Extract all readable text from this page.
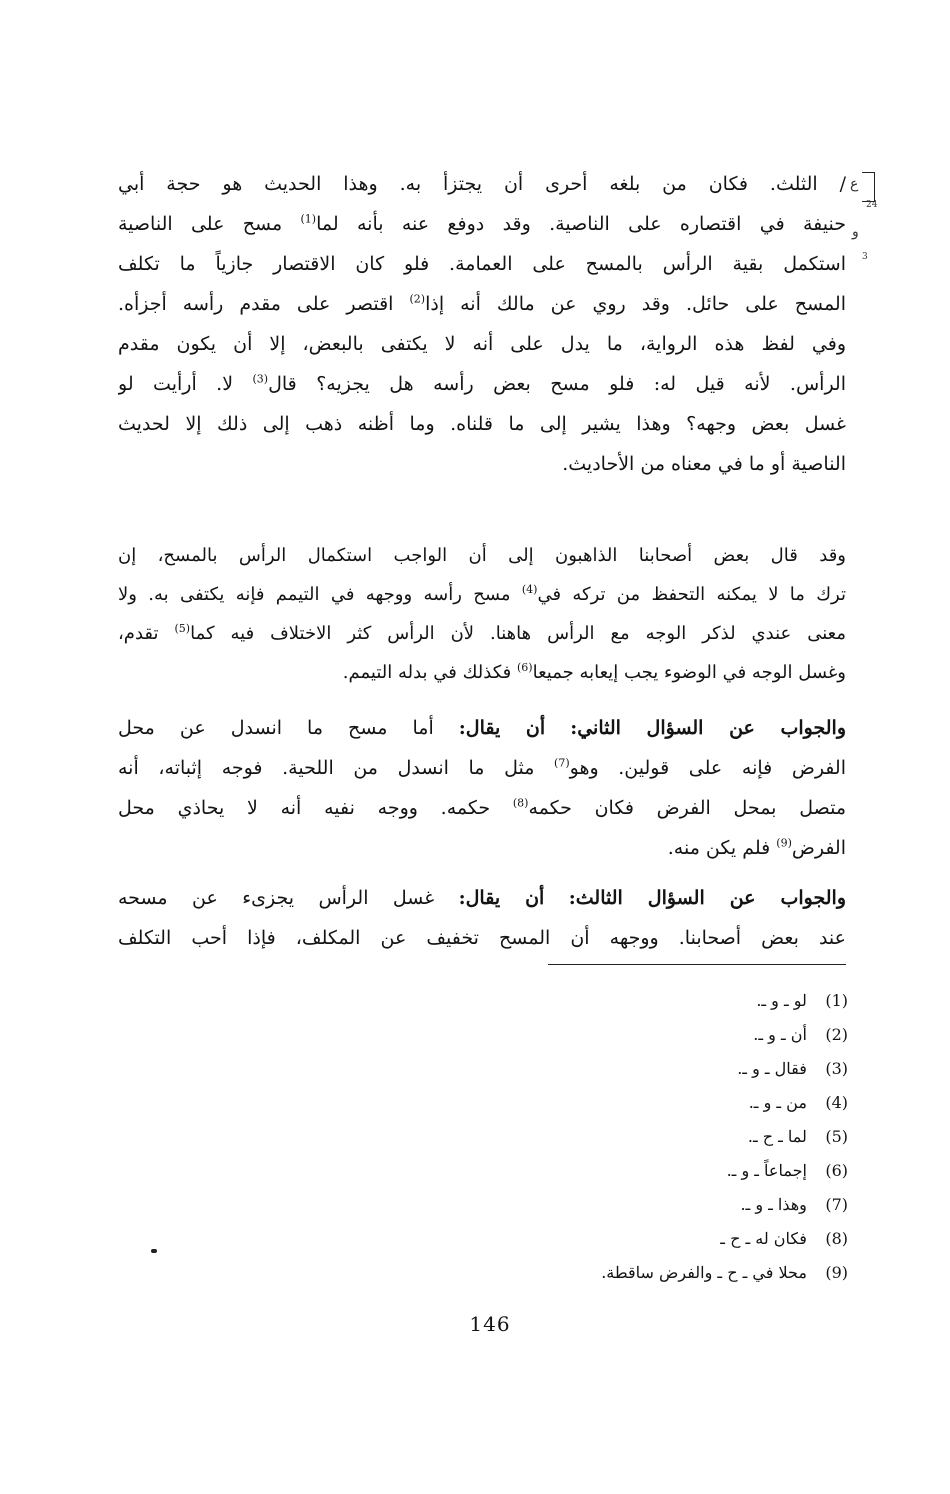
ع
24
و
3
/ الثلث. فكان من بلغه أحرى أن يجتزأ به. وهذا الحديث هو حجة أبي
حنيفة في اقتصاره على الناصية. وقد دوفع عنه بأنه لما$^{(1)}$ مسح على الناصية
استكمل بقية الرأس بالمسح على العمامة. فلو كان الاقتصار جازياً ما تكلف
المسح على حائل. وقد روي عن مالك أنه إذا$^{(2)}$ اقتصر على مقدم رأسه أجزأه.
وفي لفظ هذه الرواية، ما يدل على أنه لا يكتفى بالبعض، إلا أن يكون مقدم
الرأس. لأنه قيل له: فلو مسح بعض رأسه هل يجزيه؟ قال$^{(3)}$ لا. أرأيت لو
غسل بعض وجهه؟ وهذا يشير إلى ما قلناه. وما أظنه ذهب إلى ذلك إلا لحديث
الناصية أو ما في معناه من الأحاديث.
وقد قال بعض أصحابنا الذاهبون إلى أن الواجب استكمال الرأس بالمسح، إن
ترك ما لا يمكنه التحفظ من تركه في$^{(4)}$ مسح رأسه ووجهه في التيمم فإنه يكتفى به. ولا
معنى عندي لذكر الوجه مع الرأس هاهنا. لأن الرأس كثر الاختلاف فيه كما$^{(5)}$ تقدم،
وغسل الوجه في الوضوء يجب إيعابه جميعا$^{(6)}$ فكذلك في بدله التيمم.
والجواب عن السؤال الثاني: أن يقال: أما مسح ما انسدل عن محل
الفرض فإنه على قولين. وهو$^{(7)}$ مثل ما انسدل من اللحية. فوجه إثباته، أنه
متصل بمحل الفرض فكان حكمه$^{(8)}$ حكمه. ووجه نفيه أنه لا يحاذي محل
الفرض$^{(9)}$ فلم يكن منه.
والجواب عن السؤال الثالث: أن يقال: غسل الرأس يجزىء عن مسحه
عند بعض أصحابنا. ووجهه أن المسح تخفيف عن المكلف، فإذا أحب التكلف
(1) لو ـ و ـ.
(2) أن ـ و ـ.
(3) فقال ـ و ـ.
(4) من ـ و ـ.
(5) لما ـ ح ـ.
(6) إجماعاً ـ و ـ.
(7) وهذا ـ و ـ.
(8) فكان له ـ ح ـ
(9) محلا في ـ ح ـ والفرض ساقطة.
146
